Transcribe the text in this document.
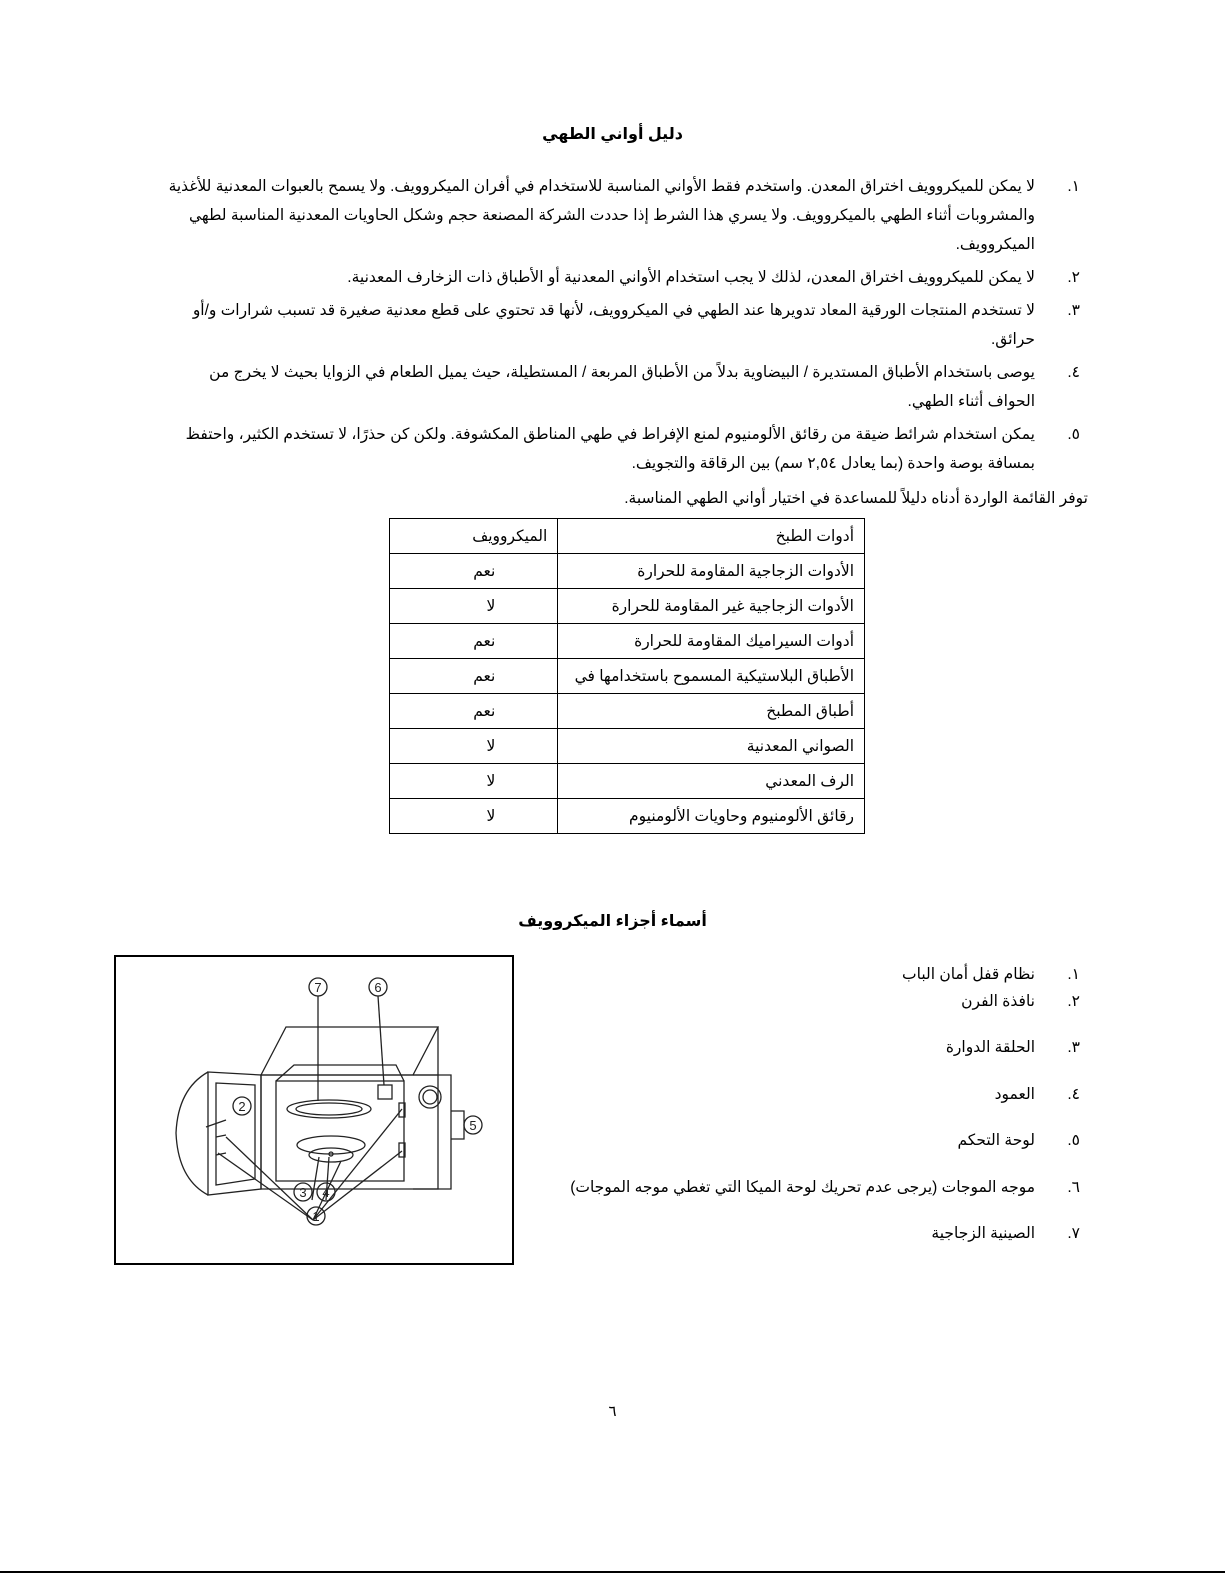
دليل أواني الطهي
١.
لا يمكن للميكروويف اختراق المعدن. واستخدم فقط الأواني المناسبة للاستخدام في أفران الميكروويف. ولا يسمح بالعبوات المعدنية للأغذية والمشروبات أثناء الطهي بالميكروويف. ولا يسري هذا الشرط إذا حددت الشركة المصنعة حجم وشكل الحاويات المعدنية المناسبة لطهي الميكروويف.
٢.
لا يمكن للميكروويف اختراق المعدن، لذلك لا يجب استخدام الأواني المعدنية أو الأطباق ذات الزخارف المعدنية.
٣.
لا تستخدم المنتجات الورقية المعاد تدويرها عند الطهي في الميكروويف، لأنها قد تحتوي على قطع معدنية صغيرة قد تسبب شرارات و/أو حرائق.
٤.
يوصى باستخدام الأطباق المستديرة / البيضاوية بدلاً من الأطباق المربعة / المستطيلة، حيث يميل الطعام في الزوايا بحيث لا يخرج من الحواف أثناء الطهي.
٥.
يمكن استخدام شرائط ضيقة من رقائق الألومنيوم لمنع الإفراط في طهي المناطق المكشوفة. ولكن كن حذرًا، لا تستخدم الكثير، واحتفظ بمسافة بوصة واحدة (بما يعادل ٢,٥٤ سم) بين الرقاقة والتجويف.
توفر القائمة الواردة أدناه دليلاً للمساعدة في اختيار أواني الطهي المناسبة.
أدوات الطبخ	الميكروويف
الأدوات الزجاجية المقاومة للحرارة	نعم
الأدوات الزجاجية غير المقاومة للحرارة	لا
أدوات السيراميك المقاومة للحرارة	نعم
الأطباق البلاستيكية المسموح باستخدامها في	نعم
أطباق المطبخ	نعم
الصواني المعدنية	لا
الرف المعدني	لا
رقائق الألومنيوم وحاويات الألومنيوم	لا
أسماء أجزاء الميكروويف
١.نظام قفل أمان الباب
٢.نافذة الفرن
٣.الحلقة الدوارة
٤.العمود
٥.لوحة التحكم
٦.موجه الموجات (يرجى عدم تحريك لوحة الميكا التي تغطي موجه الموجات)
٧.الصينية الزجاجية
7	6
2
3 4
1
5
٦
